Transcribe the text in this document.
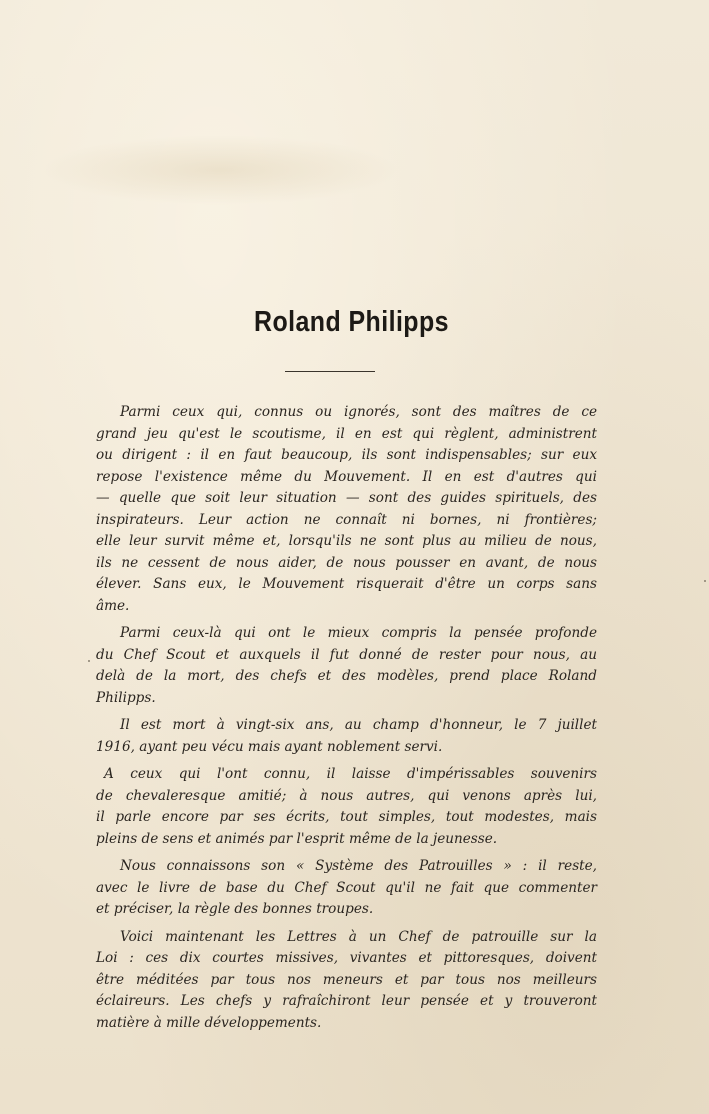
Roland Philipps

Parmi ceux qui, connus ou ignorés, sont des maîtres de ce
grand jeu qu'est le scoutisme, il en est qui règlent, administrent
ou dirigent : il en faut beaucoup, ils sont indispensables; sur eux
repose l'existence même du Mouvement. Il en est d'autres qui
— quelle que soit leur situation — sont des guides spirituels, des
inspirateurs. Leur action ne connaît ni bornes, ni frontières;
elle leur survit même et, lorsqu'ils ne sont plus au milieu de nous,
ils ne cessent de nous aider, de nous pousser en avant, de nous
élever. Sans eux, le Mouvement risquerait d'être un corps sans
âme.

Parmi ceux-là qui ont le mieux compris la pensée profonde
du Chef Scout et auxquels il fut donné de rester pour nous, au
delà de la mort, des chefs et des modèles, prend place Roland
Philipps.

Il est mort à vingt-six ans, au champ d'honneur, le 7 juillet
1916, ayant peu vécu mais ayant noblement servi.

A ceux qui l'ont connu, il laisse d'impérissables souvenirs
de chevaleresque amitié; à nous autres, qui venons après lui,
il parle encore par ses écrits, tout simples, tout modestes, mais
pleins de sens et animés par l'esprit même de la jeunesse.

Nous connaissons son « Système des Patrouilles » : il reste,
avec le livre de base du Chef Scout qu'il ne fait que commenter
et préciser, la règle des bonnes troupes.

Voici maintenant les Lettres à un Chef de patrouille sur la
Loi : ces dix courtes missives, vivantes et pittoresques, doivent
être méditées par tous nos meneurs et par tous nos meilleurs
éclaireurs. Les chefs y rafraîchiront leur pensée et y trouveront
matière à mille développements.
